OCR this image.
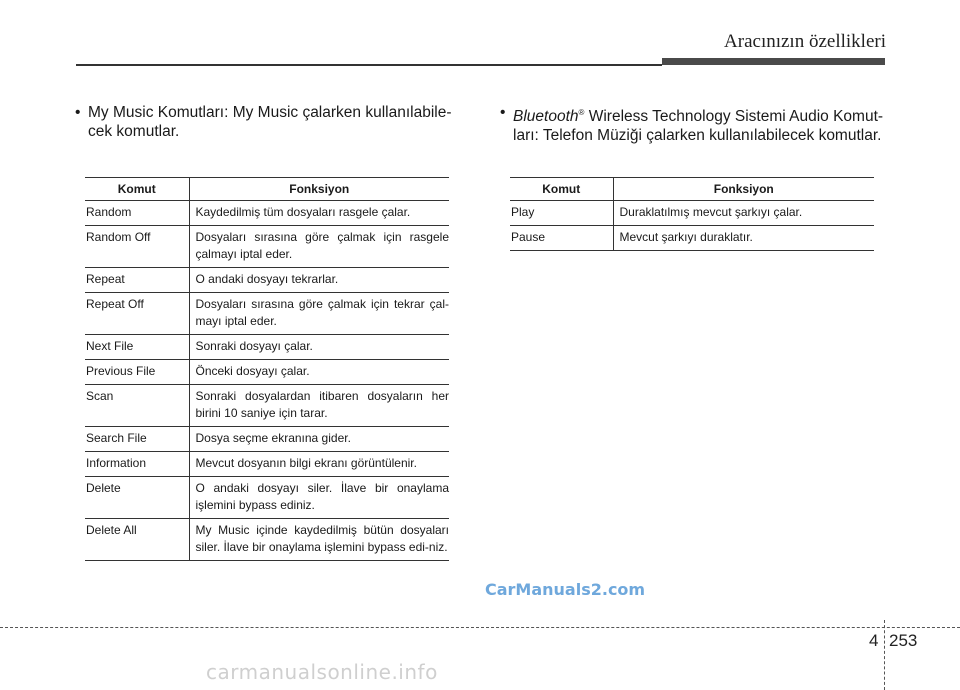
Aracınızın özellikleri
• My Music Komutları: My Music çalarken kullanılabile-
cek komutlar.
Komut	Fonksiyon
Random	Kaydedilmiş tüm dosyaları rasgele çalar.
Random Off	Dosyaları sırasına göre çalmak için rasgele çalmayı iptal eder.
Repeat	O andaki dosyayı tekrarlar.
Repeat Off	Dosyaları sırasına göre çalmak için tekrar çal-mayı iptal eder.
Next File	Sonraki dosyayı çalar.
Previous File	Önceki dosyayı çalar.
Scan	Sonraki dosyalardan itibaren dosyaların her birini 10 saniye için tarar.
Search File	Dosya seçme ekranına gider.
Information	Mevcut dosyanın bilgi ekranı görüntülenir.
Delete	O andaki dosyayı siler. İlave bir onaylama işlemini bypass ediniz.
Delete All	My Music içinde kaydedilmiş bütün dosyaları siler. İlave bir onaylama işlemini bypass edi-niz.
• Bluetooth® Wireless Technology Sistemi Audio Komut-
ları: Telefon Müziği çalarken kullanılabilecek komutlar.
Komut	Fonksiyon
Play	Duraklatılmış mevcut şarkıyı çalar.
Pause	Mevcut şarkıyı duraklatır.
CarManuals2.com
4 253
carmanualsonline.info
